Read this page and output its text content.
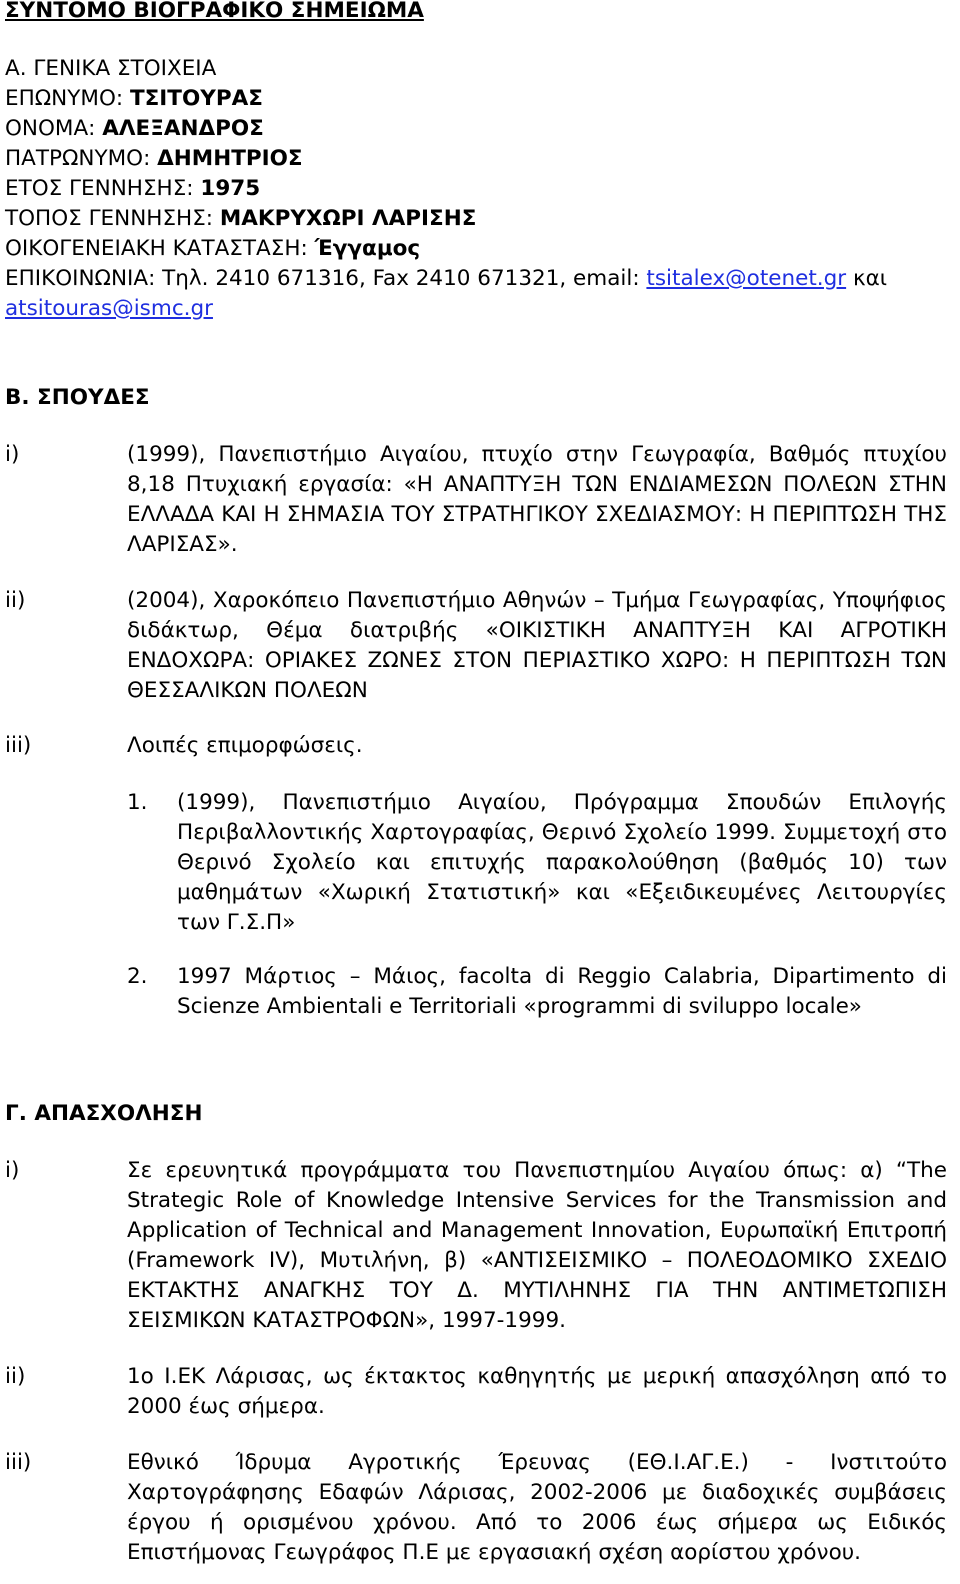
ΣΥΝΤΟΜΟ ΒΙΟΓΡΑΦΙΚΟ ΣΗΜΕΙΩΜΑ
Α. ΓΕΝΙΚΑ ΣΤΟΙΧΕΙΑ
ΕΠΩΝΥΜΟ: ΤΣΙΤΟΥΡΑΣ
ΟΝΟΜΑ: ΑΛΕΞΑΝΔΡΟΣ
ΠΑΤΡΩΝΥΜΟ: ΔΗΜΗΤΡΙΟΣ
ΕΤΟΣ ΓΕΝΝΗΣΗΣ: 1975
ΤΟΠΟΣ ΓΕΝΝΗΣΗΣ: ΜΑΚΡΥΧΩΡΙ ΛΑΡΙΣΗΣ
ΟΙΚΟΓΕΝΕΙΑΚΗ ΚΑΤΑΣΤΑΣΗ: Έγγαμος
ΕΠΙΚΟΙΝΩΝΙΑ: Τηλ. 2410 671316, Fax 2410 671321, email: tsitalex@otenet.gr και
atsitouras@ismc.gr
Β. ΣΠΟΥΔΕΣ
i)	(1999), Πανεπιστήμιο Αιγαίου, πτυχίο στην Γεωγραφία, Βαθμός πτυχίου 8,18 Πτυχιακή εργασία: «Η ΑΝΑΠΤΥΞΗ ΤΩΝ ΕΝΔΙΑΜΕΣΩΝ ΠΟΛΕΩΝ ΣΤΗΝ ΕΛΛΑΔΑ ΚΑΙ Η ΣΗΜΑΣΙΑ ΤΟΥ ΣΤΡΑΤΗΓΙΚΟΥ ΣΧΕΔΙΑΣΜΟΥ: Η ΠΕΡΙΠΤΩΣΗ ΤΗΣ ΛΑΡΙΣΑΣ».
ii)	(2004), Χαροκόπειο Πανεπιστήμιο Αθηνών – Τμήμα Γεωγραφίας, Υποψήφιος διδάκτωρ, Θέμα διατριβής «ΟΙΚΙΣΤΙΚΗ ΑΝΑΠΤΥΞΗ ΚΑΙ ΑΓΡΟΤΙΚΗ ΕΝΔΟΧΩΡΑ: ΟΡΙΑΚΕΣ ΖΩΝΕΣ ΣΤΟΝ ΠΕΡΙΑΣΤΙΚΟ ΧΩΡΟ: Η ΠΕΡΙΠΤΩΣΗ ΤΩΝ ΘΕΣΣΑΛΙΚΩΝ ΠΟΛΕΩΝ
iii)	Λοιπές επιμορφώσεις.
1.	(1999), Πανεπιστήμιο Αιγαίου, Πρόγραμμα Σπουδών Επιλογής Περιβαλλοντικής Χαρτογραφίας, Θερινό Σχολείο 1999. Συμμετοχή στο Θερινό Σχολείο και επιτυχής παρακολούθηση (βαθμός 10) των μαθημάτων «Χωρική Στατιστική» και «Εξειδικευμένες Λειτουργίες των Γ.Σ.Π»
2.	1997 Μάρτιος – Μάιος, facolta di Reggio Calabria, Dipartimento di Scienze Ambientali e Territoriali «programmi di sviluppo locale»
Γ. ΑΠΑΣΧΟΛΗΣΗ
i)	Σε ερευνητικά προγράμματα του Πανεπιστημίου Αιγαίου όπως: α) “The Strategic Role of Knowledge Intensive Services for the Transmission and Application of Technical and Management Innovation, Ευρωπαϊκή Επιτροπή (Framework IV), Μυτιλήνη, β) «ΑΝΤΙΣΕΙΣΜΙΚΟ – ΠΟΛΕΟΔΟΜΙΚΟ ΣΧΕΔΙΟ ΕΚΤΑΚΤΗΣ ΑΝΑΓΚΗΣ ΤΟΥ Δ. ΜΥΤΙΛΗΝΗΣ ΓΙΑ ΤΗΝ ΑΝΤΙΜΕΤΩΠΙΣΗ ΣΕΙΣΜΙΚΩΝ ΚΑΤΑΣΤΡΟΦΩΝ», 1997-1999.
ii)	1ο Ι.ΕΚ Λάρισας, ως έκτακτος καθηγητής με μερική απασχόληση από το 2000 έως σήμερα.
iii)	Εθνικό Ίδρυμα Αγροτικής Έρευνας (ΕΘ.Ι.ΑΓ.Ε.) - Ινστιτούτο Χαρτογράφησης Εδαφών Λάρισας, 2002-2006 με διαδοχικές συμβάσεις έργου ή ορισμένου χρόνου. Από το 2006 έως σήμερα ως Ειδικός Επιστήμονας Γεωγράφος Π.Ε με εργασιακή σχέση αορίστου χρόνου.
